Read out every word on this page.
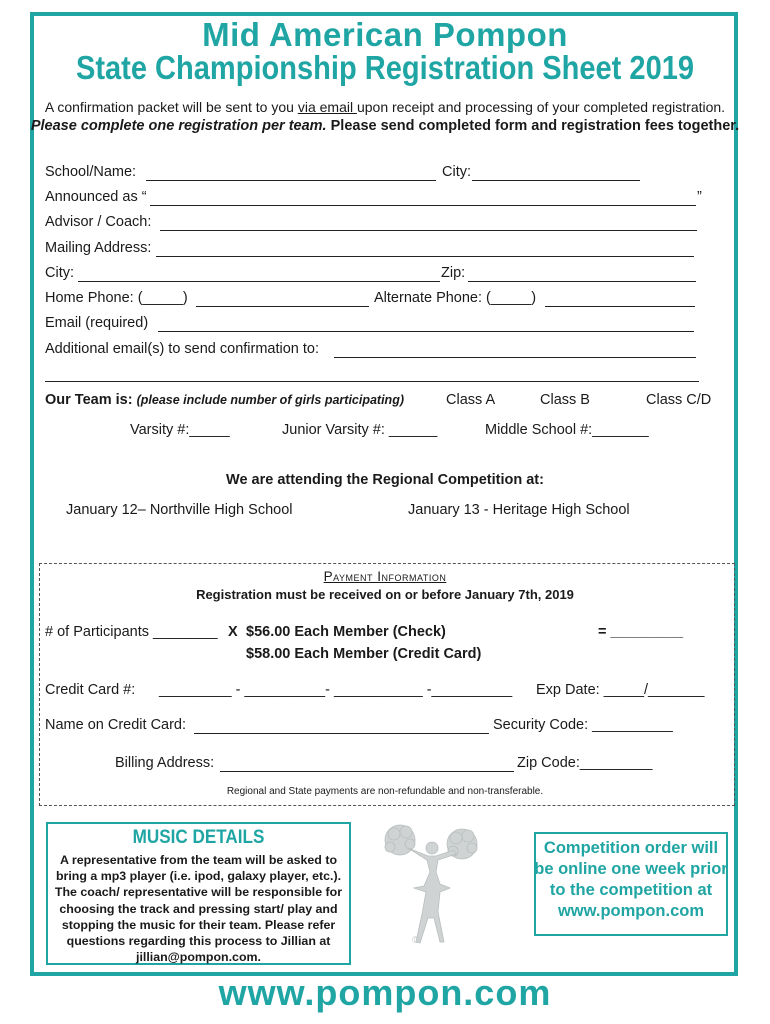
Mid American Pompon
State Championship Registration Sheet 2019
A confirmation packet will be sent to you via email upon receipt and processing of your completed registration.
Please complete one registration per team. Please send completed form and registration fees together.
School/Name:	City:
Announced as “	”
Advisor / Coach:
Mailing Address:
City:	Zip:
Home Phone: (_____)	Alternate Phone: (_____)
Email (required)
Additional email(s) to send confirmation to:
Our Team is: (please include number of girls participating)	Class A	Class B	Class C/D
Varsity #:_____	Junior Varsity #: ______	Middle School #:_______
We are attending the Regional Competition at:
January 12– Northville High School	January 13 - Heritage High School
Payment Information
Registration must be received on or before January 7th, 2019
# of Participants ________ X $56.00 Each Member (Check)
$58.00 Each Member (Credit Card)
= _________
Credit Card #: _________ - __________- ___________ -__________ Exp Date: _____/_______
Name on Credit Card:	Security Code: __________
Billing Address:	Zip Code:_________
Regional and State payments are non-refundable and non-transferable.
MUSIC DETAILS
A representative from the team will be asked to bring a mp3 player (i.e. ipod, galaxy player, etc.). The coach/ representative will be responsible for choosing the track and pressing start/ play and stopping the music for their team. Please refer questions regarding this process to Jillian at jillian@pompon.com.
©
Competition order will be online one week prior to the competition at www.pompon.com
www.pompon.com
